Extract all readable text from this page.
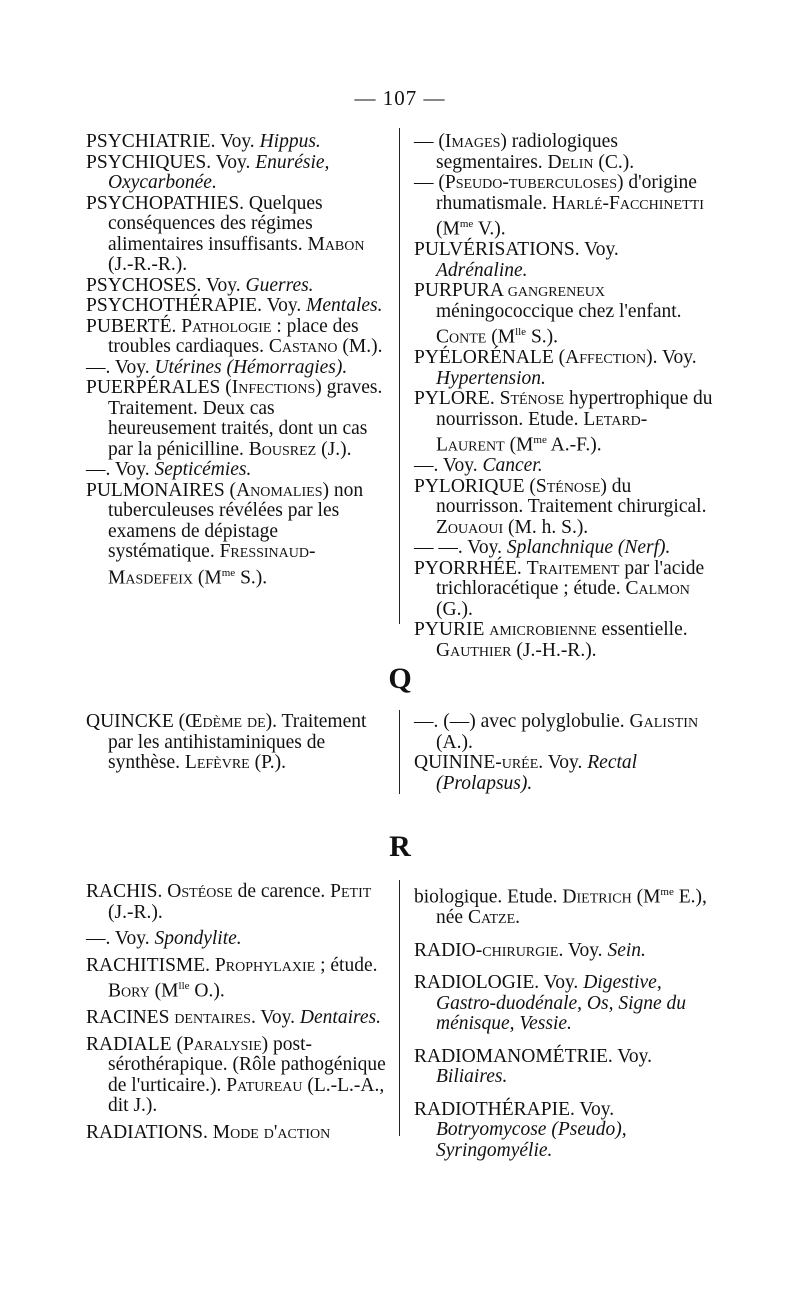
— 107 —

PSYCHIATRIE. Voy. Hippus.

PSYCHIQUES. Voy. Enurésie, Oxycarbonée.

PSYCHOPATHIES. Quelques conséquences des régimes alimentaires insuffisants. Mabon (J.-R.-R.).

PSYCHOSES. Voy. Guerres.

PSYCHOTHÉRAPIE. Voy. Mentales.

PUBERTÉ. Pathologie : place des troubles cardiaques. Castano (M.).

—. Voy. Utérines (Hémorragies).

PUERPÉRALES (Infections) graves. Traitement. Deux cas heureusement traités, dont un cas par la pénicilline. Bousrez (J.).

—. Voy. Septicémies.

PULMONAIRES (Anomalies) non tuberculeuses révélées par les examens de dépistage systématique. Fressinaud-Masdefeix ($M^{me}$ S.).

— (Images) radiologiques segmentaires. Delin (C.).

— (Pseudo-tuberculoses) d'origine rhumatismale. Harlé-Facchinetti ($M^{me}$ V.).

PULVÉRISATIONS. Voy. Adrénaline.

PURPURA gangreneux méningococcique chez l'enfant. Conte ($M^{lle}$ S.).

PYÉLORÉNALE (Affection). Voy. Hypertension.

PYLORE. Sténose hypertrophique du nourrisson. Etude. Letard-Laurent ($M^{me}$ A.-F.).

—. Voy. Cancer.

PYLORIQUE (Sténose) du nourrisson. Traitement chirurgical. Zouaoui (M. h. S.).

— —. Voy. Splanchnique (Nerf).

PYORRHÉE. Traitement par l'acide trichloracétique ; étude. Calmon (G.).

PYURIE amicrobienne essentielle. Gauthier (J.-H.-R.).

Q

QUINCKE (Œdème de). Traitement par les antihistaminiques de synthèse. Lefèvre (P.).

—. (—) avec polyglobulie. Galistin (A.).

QUININE-urée. Voy. Rectal (Prolapsus).

R

RACHIS. Ostéose de carence. Petit (J.-R.).

—. Voy. Spondylite.

RACHITISME. Prophylaxie ; étude. Bory ($M^{lle}$ O.).

RACINES dentaires. Voy. Dentaires.

RADIALE (Paralysie) post-sérothérapique. (Rôle pathogénique de l'urticaire.). Patureau (L.-L.-A., dit J.).

RADIATIONS. Mode d'action

biologique. Etude. Dietrich ($M^{me}$ E.), née Catze.

RADIO-chirurgie. Voy. Sein.

RADIOLOGIE. Voy. Digestive, Gastro-duodénale, Os, Signe du ménisque, Vessie.

RADIOMANOMÉTRIE. Voy. Biliaires.

RADIOTHÉRAPIE. Voy. Botryomycose (Pseudo), Syringomyélie.
